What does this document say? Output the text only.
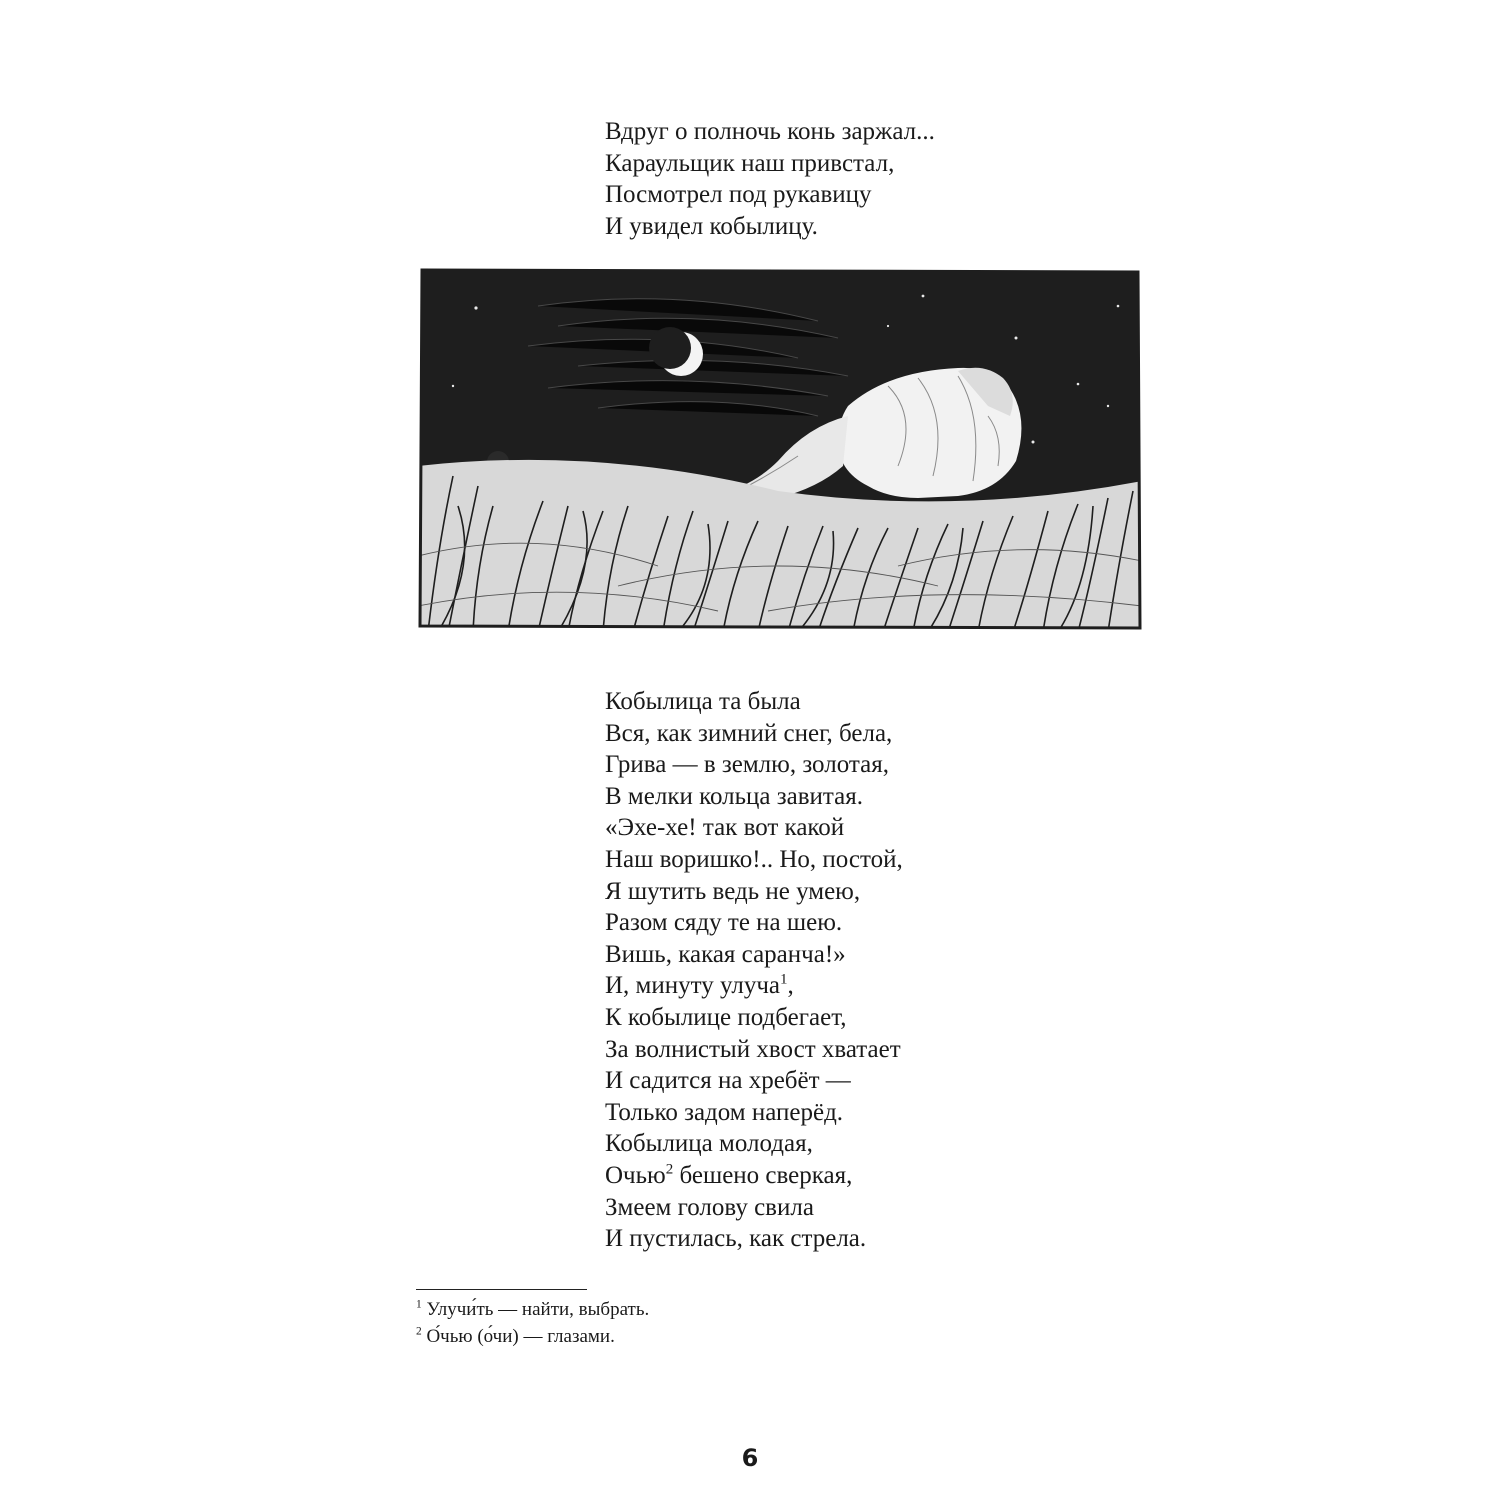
Вдруг о полночь конь заржал...
Караульщик наш привстал,
Посмотрел под рукавицу
И увидел кобылицу.
Кобылица та была
Вся, как зимний снег, бела,
Грива — в землю, золотая,
В мелки кольца завитая.
«Эхе-хе! так вот какой
Наш воришко!.. Но, постой,
Я шутить ведь не умею,
Разом сяду те на шею.
Вишь, какая саранча!»
И, минуту улуча$^1$,
К кобылице подбегает,
За волнистый хвост хватает
И садится на хребёт —
Только задом наперёд.
Кобылица молодая,
Очью$^2$ бешено сверкая,
Змеем голову свила
И пустилась, как стрела.
$^1$ Улучи́ть — найти, выбрать.
$^2$ О́чью (о́чи) — глазами.
6
